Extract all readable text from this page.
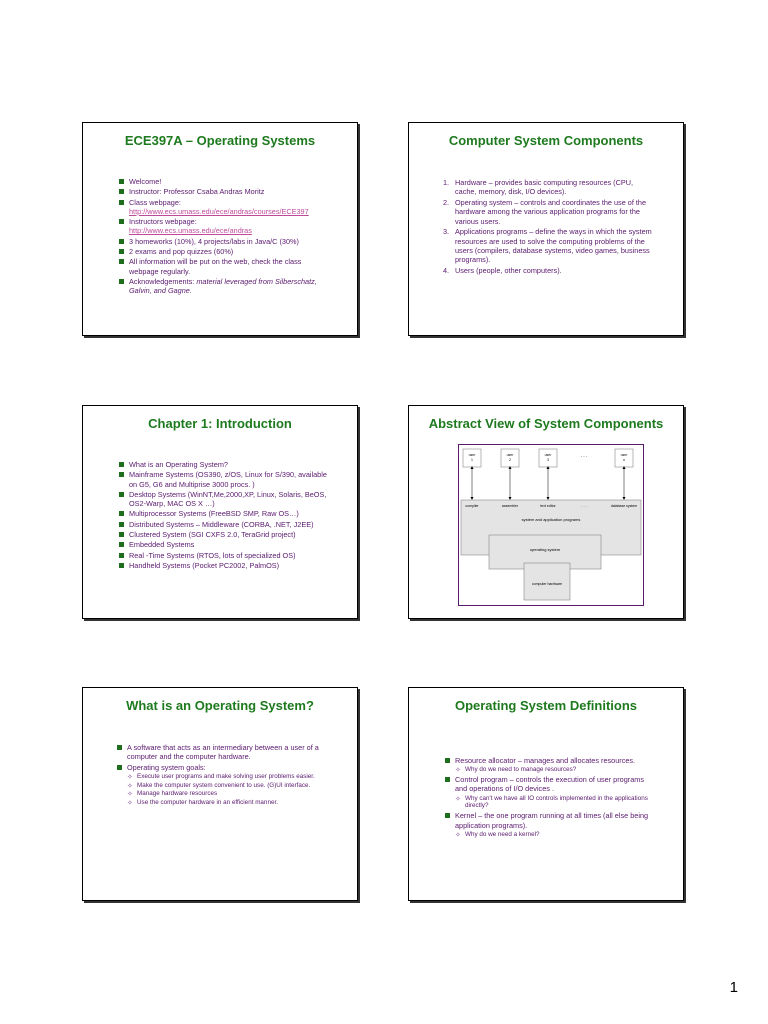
ECE397A – Operating Systems
Welcome!
Instructor: Professor Csaba Andras Moritz
Class webpage:
http://www.ecs.umass.edu/ece/andras/courses/ECE397
Instructors webpage:
http://www.ecs.umass.edu/ece/andras
3 homeworks (10%), 4 projects/labs in Java/C (30%)
2 exams and pop quizzes (60%)
All information will be put on the web, check the class webpage regularly.
Acknowledgements: material leveraged from Silberschatz, Galvin, and Gagne.
Computer System Components
1. Hardware – provides basic computing resources (CPU, cache, memory, disk, I/O devices).
2. Operating system – controls and coordinates the use of the hardware among the various application programs for the various users.
3. Applications programs – define the ways in which the system resources are used to solve the computing problems of the users (compilers, database systems, video games, business programs).
4. Users (people, other computers).
Chapter 1: Introduction
What is an Operating System?
Mainframe Systems (OS390, z/OS, Linux for S/390, available on G5, G6 and Multiprise 3000 procs. )
Desktop Systems (WinNT,Me,2000,XP, Linux, Solaris, BeOS, OS2-Warp, MAC OS X …)
Multiprocessor Systems (FreeBSD SMP, Raw OS…)
Distributed Systems – Middleware (CORBA, .NET, J2EE)
Clustered System (SGI CXFS 2.0, TeraGrid project)
Embedded Systems
Real -Time Systems (RTOS, lots of specialized OS)
Handheld Systems (Pocket PC2002, PalmOS)
Abstract View of System Components
user
1
user
2
user
3
. . .	user
n
compiler	assembler	text editor	. . .	database system
system and application programs
operating system
computer hardware
What is an Operating System?
A software that acts as an intermediary between a user of a computer and the computer hardware.
Operating system goals:
✧ Execute user programs and make solving user problems easier.
✧ Make the computer system convenient to use. (G)UI interface.
✧ Manage hardware resources
✧ Use the computer hardware in an efficient manner.
Operating System Definitions
Resource allocator – manages and allocates resources.
✧ Why do we need to manage resources?
Control program – controls the execution of user programs and operations of I/O devices .
✧ Why can't we have all IO controls implemented in the applications directly?
Kernel – the one program running at all times (all else being application programs).
✧ Why do we need a kernel?
1
